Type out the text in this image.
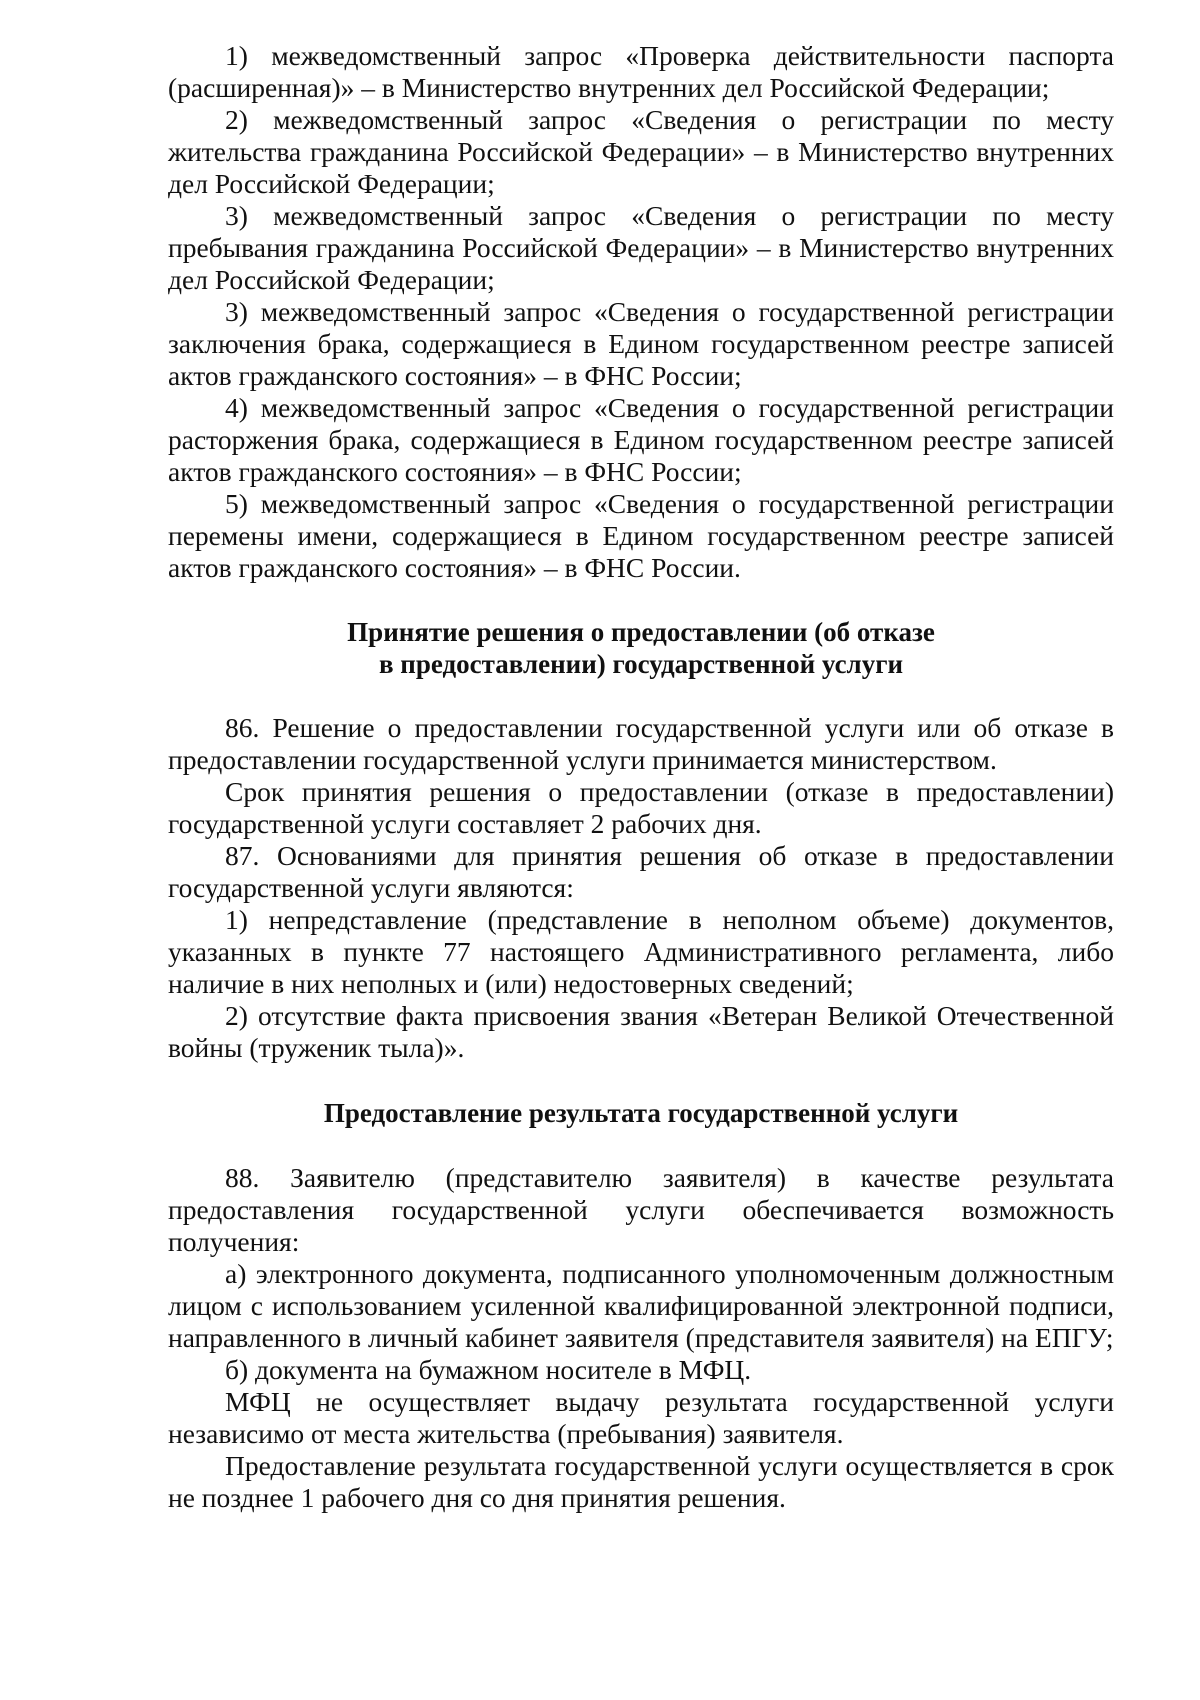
1) межведомственный запрос «Проверка действительности паспорта (расширенная)» – в Министерство внутренних дел Российской Федерации;

2) межведомственный запрос «Сведения о регистрации по месту жительства гражданина Российской Федерации» – в Министерство внутренних дел Российской Федерации;

3) межведомственный запрос «Сведения о регистрации по месту пребывания гражданина Российской Федерации» – в Министерство внутренних дел Российской Федерации;

3) межведомственный запрос «Сведения о государственной регистрации заключения брака, содержащиеся в Едином государственном реестре записей актов гражданского состояния» – в ФНС России;

4) межведомственный запрос «Сведения о государственной регистрации расторжения брака, содержащиеся в Едином государственном реестре записей актов гражданского состояния» – в ФНС России;

5) межведомственный запрос «Сведения о государственной регистрации перемены имени, содержащиеся в Едином государственном реестре записей актов гражданского состояния» – в ФНС России.

Принятие решения о предоставлении (об отказе
в предоставлении) государственной услуги

86. Решение о предоставлении государственной услуги или об отказе в предоставлении государственной услуги принимается министерством.

Срок принятия решения о предоставлении (отказе в предоставлении) государственной услуги составляет 2 рабочих дня.

87. Основаниями для принятия решения об отказе в предоставлении государственной услуги являются:

1) непредставление (представление в неполном объеме) документов, указанных в пункте 77 настоящего Административного регламента, либо наличие в них неполных и (или) недостоверных сведений;

2) отсутствие факта присвоения звания «Ветеран Великой Отечественной войны (труженик тыла)».

Предоставление результата государственной услуги

88. Заявителю (представителю заявителя) в качестве результата предоставления государственной услуги обеспечивается возможность получения:

а) электронного документа, подписанного уполномоченным должностным лицом с использованием усиленной квалифицированной электронной подписи, направленного в личный кабинет заявителя (представителя заявителя) на ЕПГУ;

б) документа на бумажном носителе в МФЦ.

МФЦ не осуществляет выдачу результата государственной услуги независимо от места жительства (пребывания) заявителя.

Предоставление результата государственной услуги осуществляется в срок не позднее 1 рабочего дня со дня принятия решения.
